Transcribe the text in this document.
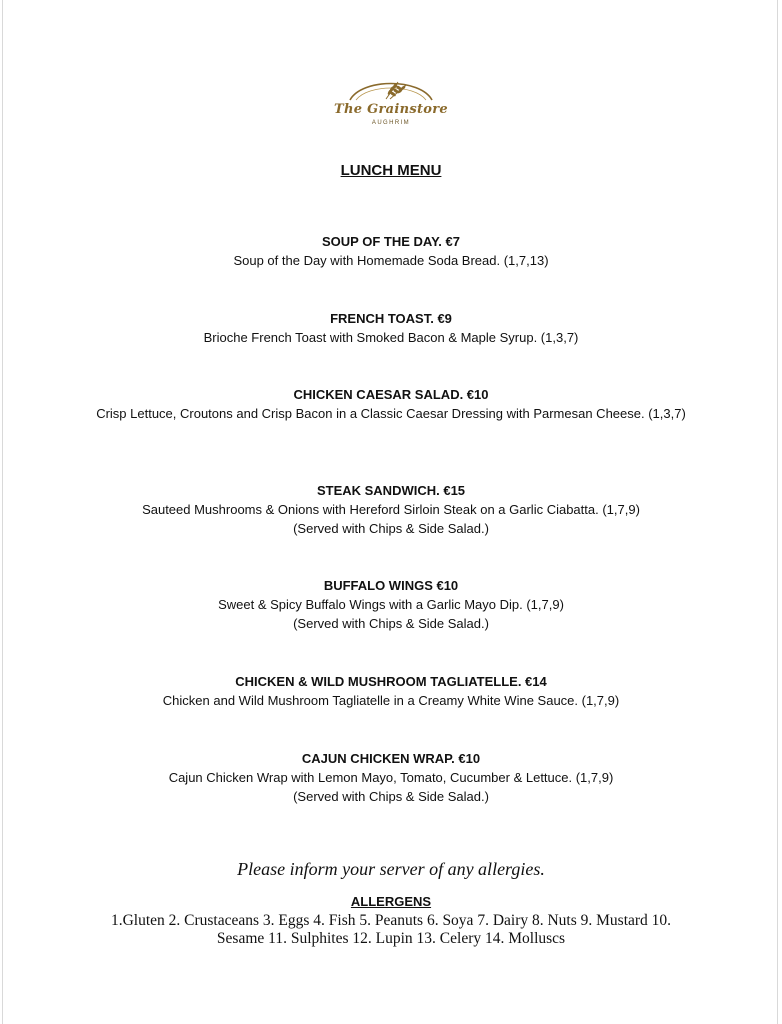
The Grainstore
AUGHRIM
LUNCH MENU
SOUP OF THE DAY. €7
Soup of the Day with Homemade Soda Bread. (1,7,13)
FRENCH TOAST. €9
Brioche French Toast with Smoked Bacon & Maple Syrup. (1,3,7)
CHICKEN CAESAR SALAD. €10
Crisp Lettuce, Croutons and Crisp Bacon in a Classic Caesar Dressing with Parmesan Cheese. (1,3,7)
STEAK SANDWICH. €15
Sauteed Mushrooms & Onions with Hereford Sirloin Steak on a Garlic Ciabatta. (1,7,9)
(Served with Chips & Side Salad.)
BUFFALO WINGS €10
Sweet & Spicy Buffalo Wings with a Garlic Mayo Dip. (1,7,9)
(Served with Chips & Side Salad.)
CHICKEN & WILD MUSHROOM TAGLIATELLE. €14
Chicken and Wild Mushroom Tagliatelle in a Creamy White Wine Sauce. (1,7,9)
CAJUN CHICKEN WRAP. €10
Cajun Chicken Wrap with Lemon Mayo, Tomato, Cucumber & Lettuce. (1,7,9)
(Served with Chips & Side Salad.)
Please inform your server of any allergies.
ALLERGENS
1.Gluten 2. Crustaceans 3. Eggs 4. Fish 5. Peanuts 6. Soya 7. Dairy 8. Nuts 9. Mustard 10. Sesame 11. Sulphites 12. Lupin 13. Celery 14. Molluscs
